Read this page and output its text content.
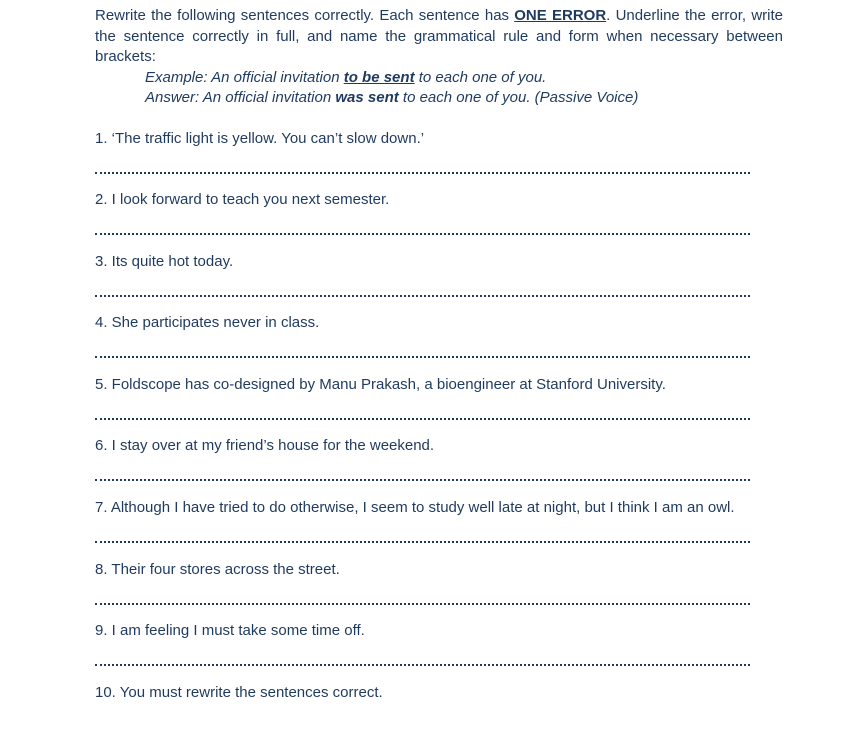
Rewrite the following sentences correctly. Each sentence has ONE ERROR. Underline the error, write the sentence correctly in full, and name the grammatical rule and form when necessary between brackets:

Example: An official invitation to be sent to each one of you.
Answer: An official invitation was sent to each one of you. (Passive Voice)

1. ‘The traffic light is yellow. You can’t slow down.’

2. I look forward to teach you next semester.

3. Its quite hot today.

4. She participates never in class.

5. Foldscope has co-designed by Manu Prakash, a bioengineer at Stanford University.

6. I stay over at my friend’s house for the weekend.

7. Although I have tried to do otherwise, I seem to study well late at night, but I think I am an owl.

8. Their four stores across the street.

9. I am feeling I must take some time off.

10. You must rewrite the sentences correct.
